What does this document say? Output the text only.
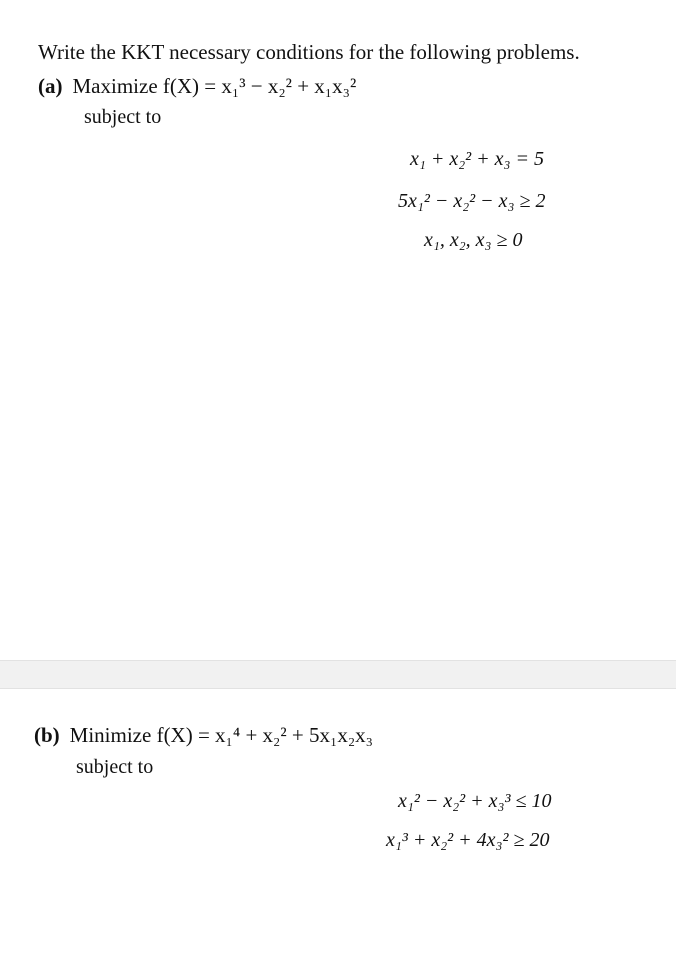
Write the KKT necessary conditions for the following problems.
(a) Maximize f(X) = x₁³ − x₂² + x₁x₃²
subject to
x₁ + x₂² + x₃ = 5
5x₁² − x₂² − x₃ ≥ 2
x₁, x₂, x₃ ≥ 0
(b) Minimize f(X) = x₁⁴ + x₂² + 5x₁x₂x₃
subject to
x₁² − x₂² + x₃³ ≤ 10
x₁³ + x₂² + 4x₃² ≥ 20
